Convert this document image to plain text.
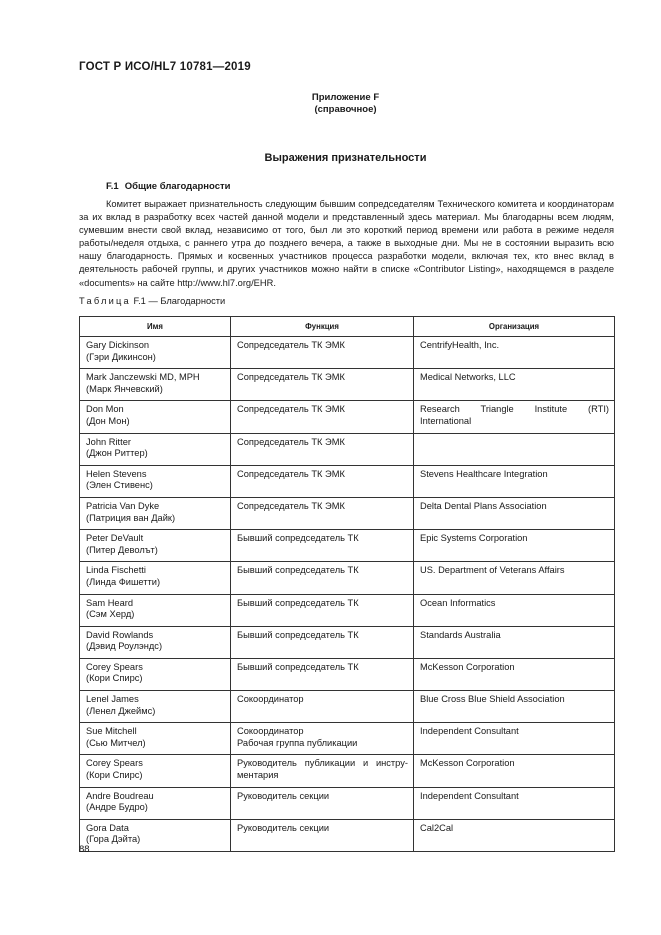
ГОСТ Р ИСО/HL7 10781—2019
Приложение F
(справочное)
Выражения признательности
F.1 Общие благодарности

Комитет выражает признательность следующим бывшим сопредседателям Технического комитета и координаторам за их вклад в разработку всех частей данной модели и представленный здесь материал. Мы благодарны всем людям, сумевшим внести свой вклад, независимо от того, был ли это короткий период времени или работа в режиме неделя работы/неделя отдыха, с раннего утра до позднего вечера, а также в выходные дни. Мы не в состоянии выразить всю нашу благодарность. Прямых и косвенных участников процесса разработки модели, включая тех, кто внес вклад в деятельность рабочей группы, и других участников можно найти в списке «Contributor Listing», находящемся в разделе «documents» на сайте http://www.hl7.org/EHR.

Таблица F.1 — Благодарности
Имя	Функция	Организация

Gary Dickinson
(Гэри Дикинсон)	Сопредседатель ТК ЭМК	CentrifyHealth, Inc.

Mark Janczewski MD, MPH
(Марк Янчевский)	Сопредседатель ТК ЭМК	Medical Networks, LLC

Don Mon
(Дон Мон)	Сопредседатель ТК ЭМК	Research Triangle Institute (RTI)
International

John Ritter
(Джон Риттер)	Сопредседатель ТК ЭМК	

Helen Stevens
(Элен Стивенс)	Сопредседатель ТК ЭМК	Stevens Healthcare Integration

Patricia Van Dyke
(Патриция ван Дайк)	Сопредседатель ТК ЭМК	Delta Dental Plans Association

Peter DeVault
(Питер Деволът)	Бывший сопредседатель ТК	Epic Systems Corporation

Linda Fischetti
(Линда Фишетти)	Бывший сопредседатель ТК	US. Department of Veterans Affairs

Sam Heard
(Сэм Херд)	Бывший сопредседатель ТК	Ocean Informatics

David Rowlands
(Дэвид Роулэндс)	Бывший сопредседатель ТК	Standards Australia

Corey Spears
(Кори Спирс)	Бывший сопредседатель ТК	McKesson Corporation

Lenel James
(Ленел Джеймс)	Сокоординатор	Blue Cross Blue Shield Association

Sue Mitchell
(Сью Митчел)	Сокоординатор
Рабочая группа публикации	Independent Consultant

Corey Spears
(Кори Спирс)	Руководитель публикации и инстру-
ментария	McKesson Corporation

Andre Boudreau
(Андре Будро)	Руководитель секции	Independent Consultant

Gora Data
(Гора Дэйта)	Руководитель секции	Cal2Cal
88
